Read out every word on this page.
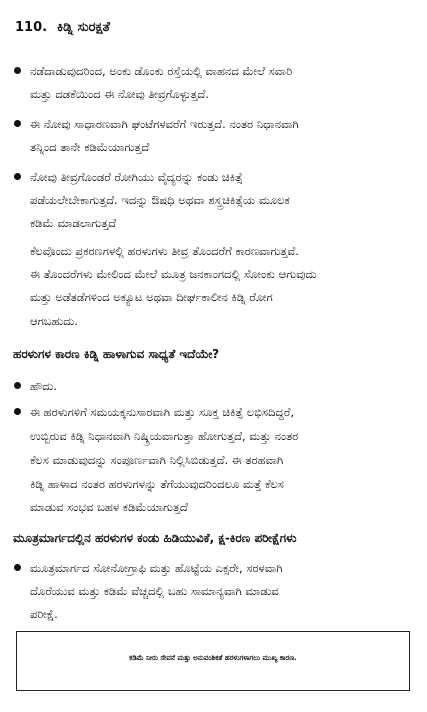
110. ಕಿಡ್ನಿ ಸುರಕ್ಷತೆ
ನಡೆದಾಡುವುದರಿಂದ, ಅಂಕು ಡೊಂಕು ರಸ್ತೆಯಲ್ಲಿ ವಾಹನದ ಮೇಲೆ ಸವಾರಿ
ಮತ್ತು ದಡಕೆಯಿಂದ ಈ ನೋವು ತೀವ್ರಗೊಳ್ಳುತ್ತದೆ.
ಈ ನೋವು ಸಾಧಾರಣವಾಗಿ ಘಂಟೆಗಳವರೆಗೆ ಇರುತ್ತದೆ. ನಂತರ ನಿಧಾನವಾಗಿ
ತನ್ನಿಂದ ತಾನೇ ಕಡಿಮೆಯಾಗುತ್ತದೆ
ನೋವು ತೀವ್ರಗೊಂಡರೆ ರೋಗಿಯು ವೈದ್ಯರನ್ನು ಕಂಡು ಚಿಕಿತ್ಸೆ
ಪಡೆಯಲೇಬೇಕಾಗುತ್ತದೆ. ಇದನ್ನು ಔಷಧಿ ಅಥವಾ ಶಸ್ತ್ರಚಿಕಿತ್ಸೆಯ ಮೂಲಕ
ಕಡಿಮೆ ಮಾಡಲಾಗುತ್ತದೆ
ಕೆಲವೊಂದು ಪ್ರಕರಣಗಳಲ್ಲಿ ಹರಳುಗಳು ತೀವ್ರ ತೊಂದರೆಗೆ ಕಾರಣವಾಗುತ್ತವೆ.
ಈ ತೊಂದರೆಗಳು ಮೇಲಿಂದ ಮೇಲೆ ಮೂತ್ರ ಜನಕಾಂಗದಲ್ಲಿ ಸೋಂಕು ಆಗುವುದು
ಮತ್ತು ಅಡೆತಡೆಗಳಿಂದ ಅಕ್ಯೂಟ ಅಥವಾ ದೀರ್ಘಕಾಲೀನ ಕಿಡ್ನಿ ರೋಗ
ಆಗಬಹುದು.
ಹರಳುಗಳ ಕಾರಣ ಕಿಡ್ನಿ ಹಾಳಾಗುವ ಸಾಧ್ಯತೆ ಇದೆಯೇ?
ಹೌದು.
ಈ ಹರಳುಗಳಿಗೆ ಸಮಯಕ್ಕನುಸಾರವಾಗಿ ಮತ್ತು ಸೂಕ್ತ ಚಿಕಿತ್ಸೆ ಲಭಿಸದಿದ್ದರೆ,
ಉಬ್ಬಿರುವ ಕಿಡ್ನಿ ನಿಧಾನವಾಗಿ ನಿಷ್ಕ್ರಿಯವಾಗುತ್ತಾ ಹೋಗುತ್ತದೆ, ಮತ್ತು ನಂತರ
ಕೆಲಸ ಮಾಡುವುದನ್ನು ಸಂಪೂರ್ಣವಾಗಿ ನಿಲ್ಲಿಸಿಬಿಡುತ್ತದೆ. ಈ ತರಹವಾಗಿ
ಕಿಡ್ನಿ ಹಾಳಾದ ನಂತರ ಹರಳುಗಳನ್ನು ತೆಗೆಯುವುದರಿಂದಲೂ ಮತ್ತೆ ಕೆಲಸ
ಮಾಡುವ ಸಂಭವ ಬಹಳ ಕಡಿಮೆಯಾಗುತ್ತದೆ
ಮೂತ್ರಮಾರ್ಗದಲ್ಲಿನ ಹರಳುಗಳ ಕಂಡು ಹಿಡಿಯುವಿಕೆ, ಕ್ಷ-ಕಿರಣ ಪರೀಕ್ಷೆಗಳು
ಮೂತ್ರಮಾರ್ಗದ ಸೋನೋಗ್ರಾಫಿ ಮತ್ತು ಹೊಟ್ಟೆಯ ಎಕ್ಸರೇ, ಸರಳವಾಗಿ
ದೊರೆಯುವ ಮತ್ತು ಕಡಿಮೆ ವೆಚ್ಚದಲ್ಲಿ ಬಹು ಸಾಮಾನ್ಯವಾಗಿ ಮಾಡುವ
ಪರೀಕ್ಷೆ.
ಕಡಿಮೆ ನೀರು ಸೇವನೆ ಮತ್ತು ಅನುವಂಶಿಕತೆ ಹರಳುಗಳಾಗಲು ಮುಖ್ಯ ಕಾರಣ.
